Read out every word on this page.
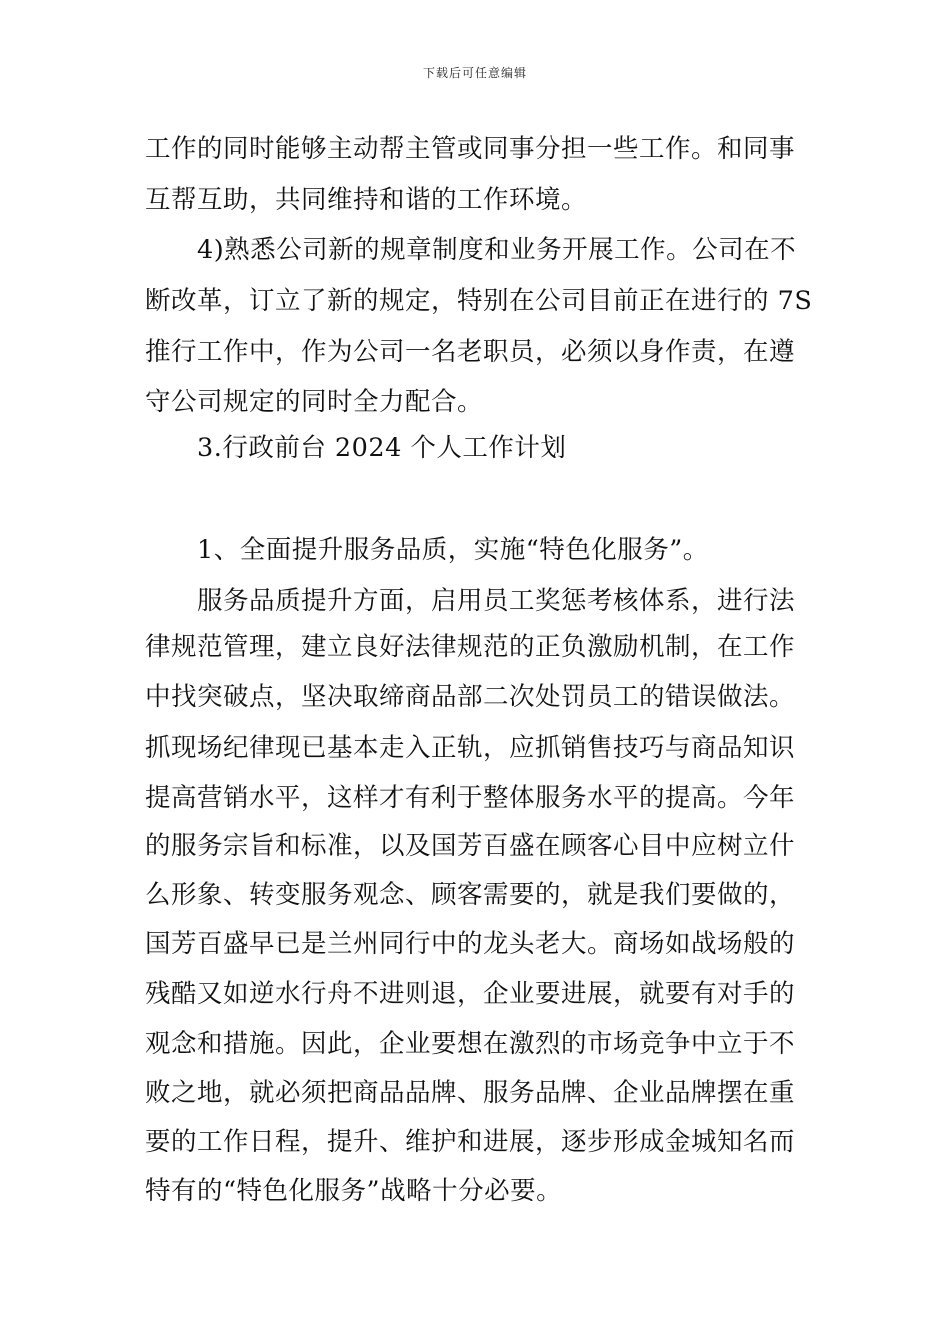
下载后可任意编辑
工作的同时能够主动帮主管或同事分担一些工作。和同事
互帮互助，共同维持和谐的工作环境。
4)熟悉公司新的规章制度和业务开展工作。公司在不
断改革，订立了新的规定，特别在公司目前正在进行的 7S
推行工作中，作为公司一名老职员，必须以身作责，在遵
守公司规定的同时全力配合。
3.行政前台 2024 个人工作计划
1、全面提升服务品质，实施“特色化服务”。
服务品质提升方面，启用员工奖惩考核体系，进行法
律规范管理，建立良好法律规范的正负激励机制，在工作
中找突破点，坚决取缔商品部二次处罚员工的错误做法。
抓现场纪律现已基本走入正轨，应抓销售技巧与商品知识
提高营销水平，这样才有利于整体服务水平的提高。今年
的服务宗旨和标准，以及国芳百盛在顾客心目中应树立什
么形象、转变服务观念、顾客需要的，就是我们要做的，
国芳百盛早已是兰州同行中的龙头老大。商场如战场般的
残酷又如逆水行舟不进则退，企业要进展，就要有对手的
观念和措施。因此，企业要想在激烈的市场竞争中立于不
败之地，就必须把商品品牌、服务品牌、企业品牌摆在重
要的工作日程，提升、维护和进展，逐步形成金城知名而
特有的“特色化服务”战略十分必要。
